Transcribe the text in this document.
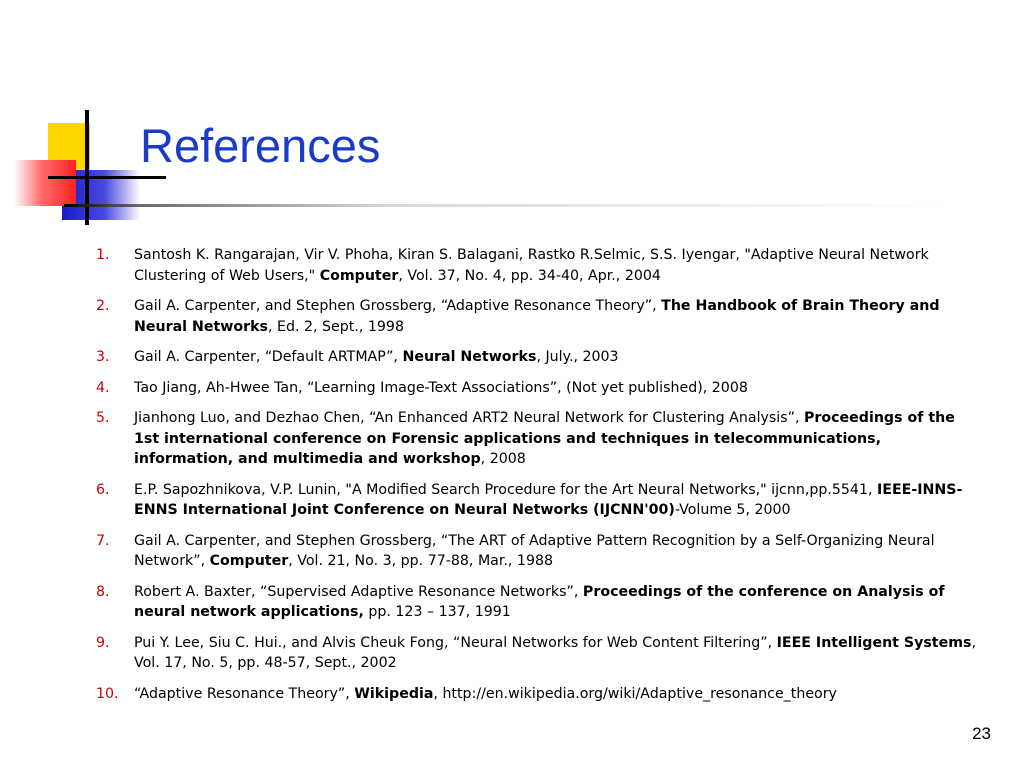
References
1.	Santosh K. Rangarajan, Vir V. Phoha, Kiran S. Balagani, Rastko R.Selmic, S.S. Iyengar, "Adaptive Neural Network Clustering of Web Users," Computer, Vol. 37, No. 4, pp. 34-40, Apr., 2004
2.	Gail A. Carpenter, and Stephen Grossberg, “Adaptive Resonance Theory”, The Handbook of Brain Theory and Neural Networks, Ed. 2, Sept., 1998
3.	Gail A. Carpenter, “Default ARTMAP”, Neural Networks, July., 2003
4.	Tao Jiang, Ah-Hwee Tan, “Learning Image-Text Associations”, (Not yet published), 2008
5.	Jianhong Luo, and Dezhao Chen, “An Enhanced ART2 Neural Network for Clustering Analysis”, Proceedings of the 1st international conference on Forensic applications and techniques in telecommunications, information, and multimedia and workshop, 2008
6.	E.P. Sapozhnikova, V.P. Lunin, "A Modified Search Procedure for the Art Neural Networks," ijcnn,pp.5541, IEEE-INNS-ENNS International Joint Conference on Neural Networks (IJCNN'00)-Volume 5, 2000
7.	Gail A. Carpenter, and Stephen Grossberg, “The ART of Adaptive Pattern Recognition by a Self-Organizing Neural Network”, Computer, Vol. 21, No. 3, pp. 77-88, Mar., 1988
8.	Robert A. Baxter, “Supervised Adaptive Resonance Networks”, Proceedings of the conference on Analysis of neural network applications, pp. 123 – 137, 1991
9.	Pui Y. Lee, Siu C. Hui., and Alvis Cheuk Fong, “Neural Networks for Web Content Filtering”, IEEE Intelligent Systems, Vol. 17, No. 5, pp. 48-57, Sept., 2002
10.	“Adaptive Resonance Theory”, Wikipedia, http://en.wikipedia.org/wiki/Adaptive_resonance_theory
23
